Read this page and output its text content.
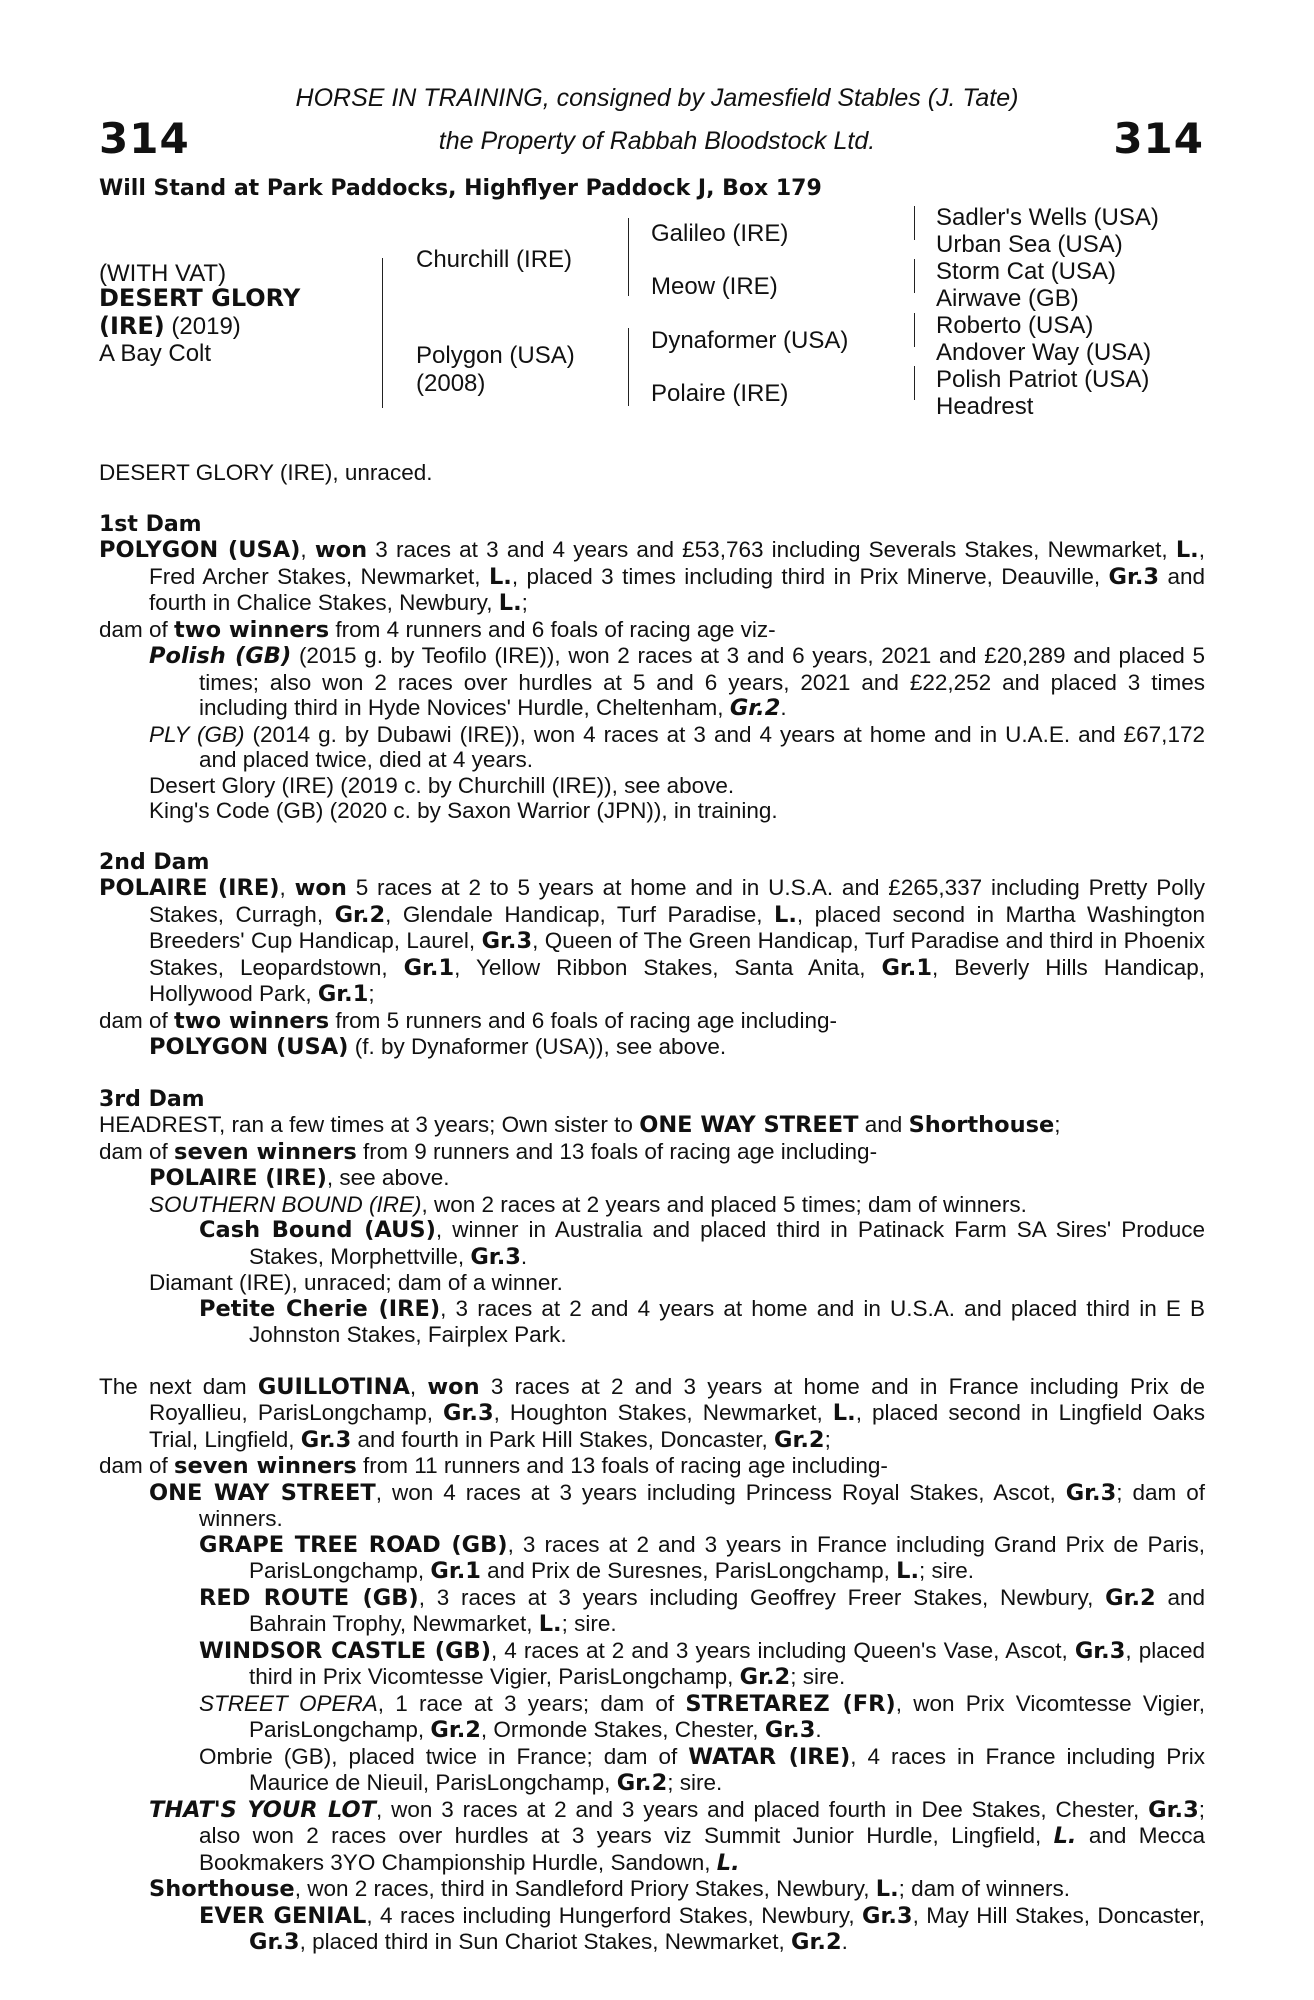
314	314
HORSE IN TRAINING, consigned by Jamesfield Stables (J. Tate)
the Property of Rabbah Bloodstock Ltd.
Will Stand at Park Paddocks, Highflyer Paddock J, Box 179
(WITH VAT)
DESERT GLORY
(IRE) (2019)
A Bay Colt
Churchill (IRE)
Polygon (USA)
(2008)
Galileo (IRE)
Meow (IRE)
Dynaformer (USA)
Polaire (IRE)
Sadler's Wells (USA)
Urban Sea (USA)
Storm Cat (USA)
Airwave (GB)
Roberto (USA)
Andover Way (USA)
Polish Patriot (USA)
Headrest

DESERT GLORY (IRE), unraced.

1st Dam

POLYGON (USA), won 3 races at 3 and 4 years and £53,763 including Severals Stakes, Newmarket, L., Fred Archer Stakes, Newmarket, L., placed 3 times including third in Prix Minerve, Deauville, Gr.3 and fourth in Chalice Stakes, Newbury, L.;

dam of two winners from 4 runners and 6 foals of racing age viz-

Polish (GB) (2015 g. by Teofilo (IRE)), won 2 races at 3 and 6 years, 2021 and £20,289 and placed 5 times; also won 2 races over hurdles at 5 and 6 years, 2021 and £22,252 and placed 3 times including third in Hyde Novices' Hurdle, Cheltenham, Gr.2.

PLY (GB) (2014 g. by Dubawi (IRE)), won 4 races at 3 and 4 years at home and in U.A.E. and £67,172 and placed twice, died at 4 years.

Desert Glory (IRE) (2019 c. by Churchill (IRE)), see above.

King's Code (GB) (2020 c. by Saxon Warrior (JPN)), in training.

2nd Dam

POLAIRE (IRE), won 5 races at 2 to 5 years at home and in U.S.A. and £265,337 including Pretty Polly Stakes, Curragh, Gr.2, Glendale Handicap, Turf Paradise, L., placed second in Martha Washington Breeders' Cup Handicap, Laurel, Gr.3, Queen of The Green Handicap, Turf Paradise and third in Phoenix Stakes, Leopardstown, Gr.1, Yellow Ribbon Stakes, Santa Anita, Gr.1, Beverly Hills Handicap, Hollywood Park, Gr.1;

dam of two winners from 5 runners and 6 foals of racing age including-

POLYGON (USA) (f. by Dynaformer (USA)), see above.

3rd Dam

HEADREST, ran a few times at 3 years; Own sister to ONE WAY STREET and Shorthouse;

dam of seven winners from 9 runners and 13 foals of racing age including-

POLAIRE (IRE), see above.

SOUTHERN BOUND (IRE), won 2 races at 2 years and placed 5 times; dam of winners.

Cash Bound (AUS), winner in Australia and placed third in Patinack Farm SA Sires' Produce Stakes, Morphettville, Gr.3.

Diamant (IRE), unraced; dam of a winner.

Petite Cherie (IRE), 3 races at 2 and 4 years at home and in U.S.A. and placed third in E B Johnston Stakes, Fairplex Park.

The next dam GUILLOTINA, won 3 races at 2 and 3 years at home and in France including Prix de Royallieu, ParisLongchamp, Gr.3, Houghton Stakes, Newmarket, L., placed second in Lingfield Oaks Trial, Lingfield, Gr.3 and fourth in Park Hill Stakes, Doncaster, Gr.2;

dam of seven winners from 11 runners and 13 foals of racing age including-

ONE WAY STREET, won 4 races at 3 years including Princess Royal Stakes, Ascot, Gr.3; dam of winners.

GRAPE TREE ROAD (GB), 3 races at 2 and 3 years in France including Grand Prix de Paris, ParisLongchamp, Gr.1 and Prix de Suresnes, ParisLongchamp, L.; sire.

RED ROUTE (GB), 3 races at 3 years including Geoffrey Freer Stakes, Newbury, Gr.2 and Bahrain Trophy, Newmarket, L.; sire.

WINDSOR CASTLE (GB), 4 races at 2 and 3 years including Queen's Vase, Ascot, Gr.3, placed third in Prix Vicomtesse Vigier, ParisLongchamp, Gr.2; sire.

STREET OPERA, 1 race at 3 years; dam of STRETAREZ (FR), won Prix Vicomtesse Vigier, ParisLongchamp, Gr.2, Ormonde Stakes, Chester, Gr.3.

Ombrie (GB), placed twice in France; dam of WATAR (IRE), 4 races in France including Prix Maurice de Nieuil, ParisLongchamp, Gr.2; sire.

THAT'S YOUR LOT, won 3 races at 2 and 3 years and placed fourth in Dee Stakes, Chester, Gr.3; also won 2 races over hurdles at 3 years viz Summit Junior Hurdle, Lingfield, L. and Mecca Bookmakers 3YO Championship Hurdle, Sandown, L.

Shorthouse, won 2 races, third in Sandleford Priory Stakes, Newbury, L.; dam of winners.

EVER GENIAL, 4 races including Hungerford Stakes, Newbury, Gr.3, May Hill Stakes, Doncaster, Gr.3, placed third in Sun Chariot Stakes, Newmarket, Gr.2.
